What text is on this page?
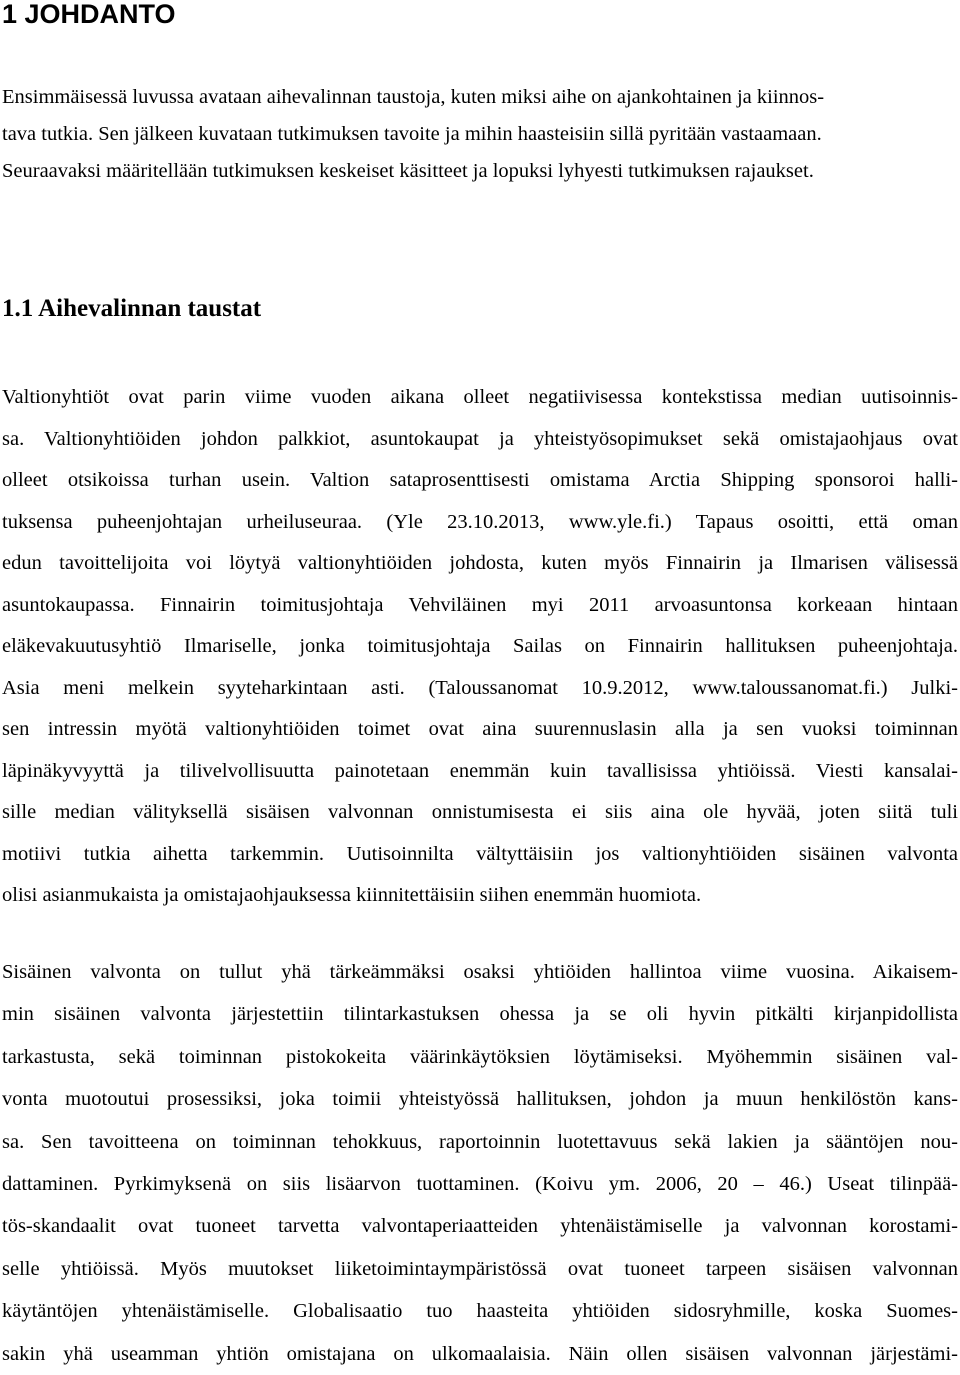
1 JOHDANTO
Ensimmäisessä luvussa avataan aihevalinnan taustoja, kuten miksi aihe on ajankohtainen ja kiinnos-
tava tutkia. Sen jälkeen kuvataan tutkimuksen tavoite ja mihin haasteisiin sillä pyritään vastaamaan.
Seuraavaksi määritellään tutkimuksen keskeiset käsitteet ja lopuksi lyhyesti tutkimuksen rajaukset.
1.1 Aihevalinnan taustat
Valtionyhtiöt ovat parin viime vuoden aikana olleet negatiivisessa kontekstissa median uutisoinnis-
sa. Valtionyhtiöiden johdon palkkiot, asuntokaupat ja yhteistyösopimukset sekä omistajaohjaus ovat
olleet otsikoissa turhan usein. Valtion sataprosenttisesti omistama Arctia Shipping sponsoroi halli-
tuksensa puheenjohtajan urheiluseuraa. (Yle 23.10.2013, www.yle.fi.) Tapaus osoitti, että oman
edun tavoittelijoita voi löytyä valtionyhtiöiden johdosta, kuten myös Finnairin ja Ilmarisen välisessä
asuntokaupassa. Finnairin toimitusjohtaja Vehviläinen myi 2011 arvoasuntonsa korkeaan hintaan
eläkevakuutusyhtiö Ilmariselle, jonka toimitusjohtaja Sailas on Finnairin hallituksen puheenjohtaja.
Asia meni melkein syyteharkintaan asti. (Taloussanomat 10.9.2012, www.taloussanomat.fi.) Julki-
sen intressin myötä valtionyhtiöiden toimet ovat aina suurennuslasin alla ja sen vuoksi toiminnan
läpinäkyvyyttä ja tilivelvollisuutta painotetaan enemmän kuin tavallisissa yhtiöissä. Viesti kansalai-
sille median välityksellä sisäisen valvonnan onnistumisesta ei siis aina ole hyvää, joten siitä tuli
motiivi tutkia aihetta tarkemmin. Uutisoinnilta vältyttäisiin jos valtionyhtiöiden sisäinen valvonta
olisi asianmukaista ja omistajaohjauksessa kiinnitettäisiin siihen enemmän huomiota.
Sisäinen valvonta on tullut yhä tärkeämmäksi osaksi yhtiöiden hallintoa viime vuosina. Aikaisem-
min sisäinen valvonta järjestettiin tilintarkastuksen ohessa ja se oli hyvin pitkälti kirjanpidollista
tarkastusta, sekä toiminnan pistokokeita väärinkäytöksien löytämiseksi. Myöhemmin sisäinen val-
vonta muotoutui prosessiksi, joka toimii yhteistyössä hallituksen, johdon ja muun henkilöstön kans-
sa. Sen tavoitteena on toiminnan tehokkuus, raportoinnin luotettavuus sekä lakien ja sääntöjen nou-
dattaminen. Pyrkimyksenä on siis lisäarvon tuottaminen. (Koivu ym. 2006, 20 – 46.) Useat tilinpää-
tös-skandaalit ovat tuoneet tarvetta valvontaperiaatteiden yhtenäistämiselle ja valvonnan korostami-
selle yhtiöissä. Myös muutokset liiketoimintaympäristössä ovat tuoneet tarpeen sisäisen valvonnan
käytäntöjen yhtenäistämiselle. Globalisaatio tuo haasteita yhtiöiden sidosryhmille, koska Suomes-
sakin yhä useamman yhtiön omistajana on ulkomaalaisia. Näin ollen sisäisen valvonnan järjestämi-
